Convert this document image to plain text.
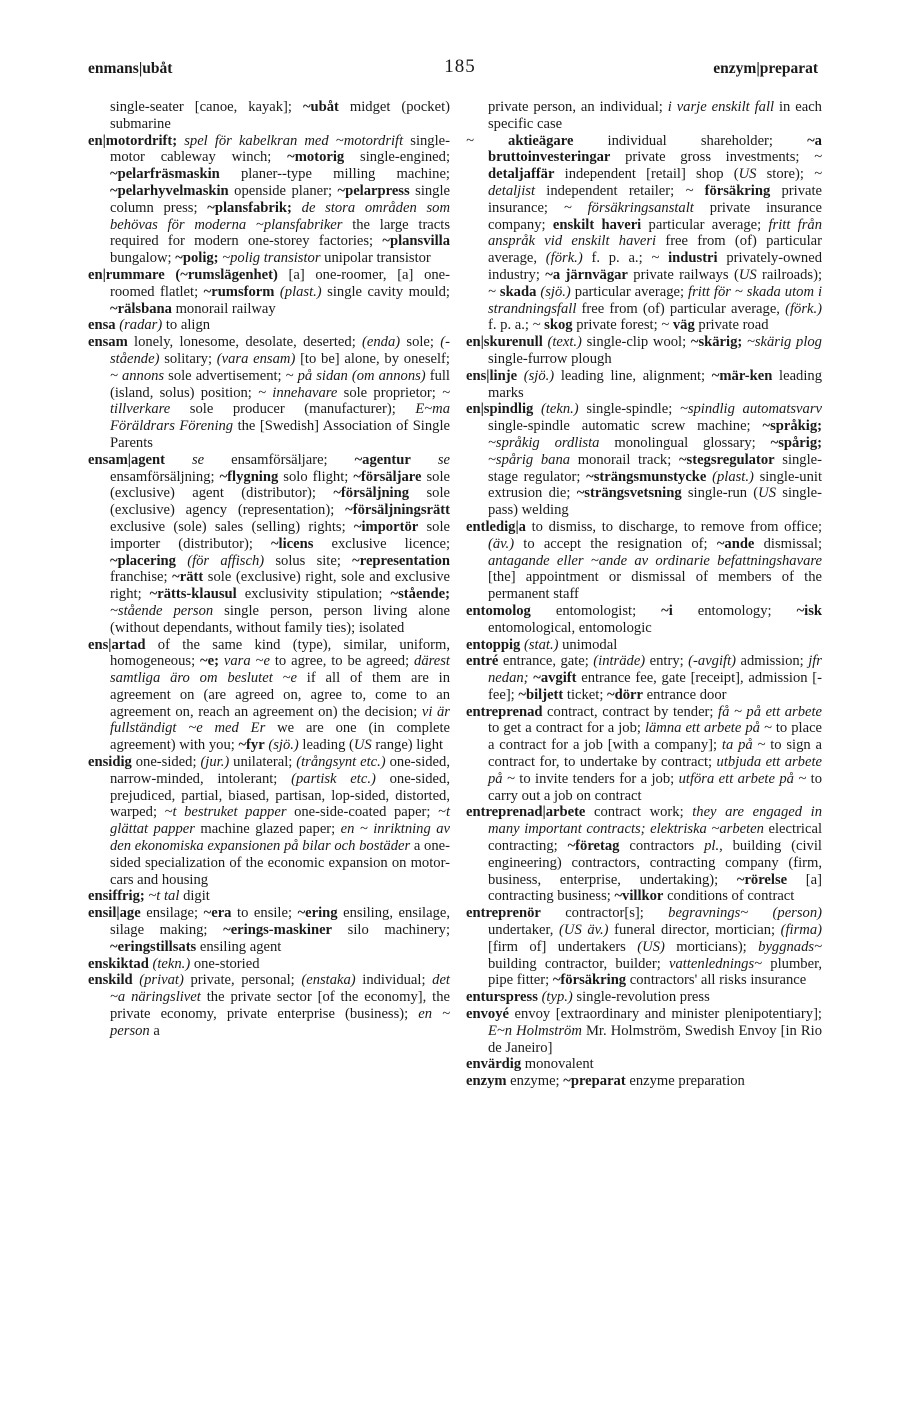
enmans|ubåt	185	enzym|preparat

single-seater [canoe, kayak]; ~ubåt midget (pocket) submarine

en|motordrift; spel för kabelkran med ~motordrift single-motor cableway winch; ~motorig single-engined; ~pelarfräsmaskin planer--type milling machine; ~pelarhyvelmaskin openside planer; ~pelarpress single column press; ~plansfabrik; de stora områden som behövas för moderna ~plansfabriker the large tracts required for modern one-storey factories; ~plansvilla bungalow; ~polig; ~polig transistor unipolar transistor

en|rummare (~rumslägenhet) [a] one-roomer, [a] one-roomed flatlet; ~rumsform (plast.) single cavity mould; ~rälsbana monorail railway

ensa (radar) to align

ensam lonely, lonesome, desolate, deserted; (enda) sole; (-stående) solitary; (vara ensam) [to be] alone, by oneself; ~ annons sole advertisement; ~ på sidan (om annons) full (island, solus) position; ~ innehavare sole proprietor; ~ tillverkare sole producer (manufacturer); E~ma Föräldrars Förening the [Swedish] Association of Single Parents

ensam|agent se ensamförsäljare; ~agentur se ensamförsäljning; ~flygning solo flight; ~försäljare sole (exclusive) agent (distributor); ~försäljning sole (exclusive) agency (representation); ~försäljningsrätt exclusive (sole) sales (selling) rights; ~importör sole importer (distributor); ~licens exclusive licence; ~placering (för affisch) solus site; ~representation franchise; ~rätt sole (exclusive) right, sole and exclusive right; ~rätts-klausul exclusivity stipulation; ~stående; ~stående person single person, person living alone (without dependants, without family ties); isolated

ens|artad of the same kind (type), similar, uniform, homogeneous; ~e; vara ~e to agree, to be agreed; därest samtliga äro om beslutet ~e if all of them are in agreement on (are agreed on, agree to, come to an agreement on, reach an agreement on) the decision; vi är fullständigt ~e med Er we are one (in complete agreement) with you; ~fyr (sjö.) leading (US range) light

ensidig one-sided; (jur.) unilateral; (trångsynt etc.) one-sided, narrow-minded, intolerant; (partisk etc.) one-sided, prejudiced, partial, biased, partisan, lop-sided, distorted, warped; ~t bestruket papper one-side-coated paper; ~t glättat papper machine glazed paper; en ~ inriktning av den ekonomiska expansionen på bilar och bostäder a one-sided specialization of the economic expansion on motor-cars and housing

ensiffrig; ~t tal digit

ensil|age ensilage; ~era to ensile; ~ering ensiling, ensilage, silage making; ~erings-maskiner silo machinery; ~eringstillsats ensiling agent

enskiktad (tekn.) one-storied

enskild (privat) private, personal; (enstaka) individual; det ~a näringslivet the private sector [of the economy], the private economy, private enterprise (business); en ~ person a

private person, an individual; i varje enskilt fall in each specific case

~ aktieägare individual shareholder; ~a bruttoinvesteringar private gross investments; ~ detaljaffär independent [retail] shop (US store); ~ detaljist independent retailer; ~ försäkring private insurance; ~ försäkringsanstalt private insurance company; enskilt haveri particular average; fritt från anspråk vid enskilt haveri free from (of) particular average, (förk.) f. p. a.; ~ industri privately-owned industry; ~a järnvägar private railways (US railroads); ~ skada (sjö.) particular average; fritt för ~ skada utom i strandningsfall free from (of) particular average, (förk.) f. p. a.; ~ skog private forest; ~ väg private road

en|skurenull (text.) single-clip wool; ~skärig; ~skärig plog single-furrow plough

ens|linje (sjö.) leading line, alignment; ~mär-ken leading marks

en|spindlig (tekn.) single-spindle; ~spindlig automatsvarv single-spindle automatic screw machine; ~språkig; ~språkig ordlista monolingual glossary; ~spårig; ~spårig bana monorail track; ~stegsregulator single-stage regulator; ~strängsmunstycke (plast.) single-unit extrusion die; ~strängsvetsning single-run (US single-pass) welding

entledig|a to dismiss, to discharge, to remove from office; (äv.) to accept the resignation of; ~ande dismissal; antagande eller ~ande av ordinarie befattningshavare [the] appointment or dismissal of members of the permanent staff

entomolog entomologist; ~i entomology; ~isk entomological, entomologic

entoppig (stat.) unimodal

entré entrance, gate; (inträde) entry; (-avgift) admission; jfr nedan; ~avgift entrance fee, gate [receipt], admission [-fee]; ~biljett ticket; ~dörr entrance door

entreprenad contract, contract by tender; få ~ på ett arbete to get a contract for a job; lämna ett arbete på ~ to place a contract for a job [with a company]; ta på ~ to sign a contract for, to undertake by contract; utbjuda ett arbete på ~ to invite tenders for a job; utföra ett arbete på ~ to carry out a job on contract

entreprenad|arbete contract work; they are engaged in many important contracts; elektriska ~arbeten electrical contracting; ~företag contractors pl., building (civil engineering) contractors, contracting company (firm, business, enterprise, undertaking); ~rörelse [a] contracting business; ~villkor conditions of contract

entreprenör contractor[s]; begravnings~ (person) undertaker, (US äv.) funeral director, mortician; (firma) [firm of] undertakers (US) morticians); byggnads~ building contractor, builder; vattenlednings~ plumber, pipe fitter; ~försäkring contractors' all risks insurance

enturspress (typ.) single-revolution press

envoyé envoy [extraordinary and minister plenipotentiary]; E~n Holmström Mr. Holmström, Swedish Envoy [in Rio de Janeiro]

envärdig monovalent

enzym enzyme; ~preparat enzyme preparation
